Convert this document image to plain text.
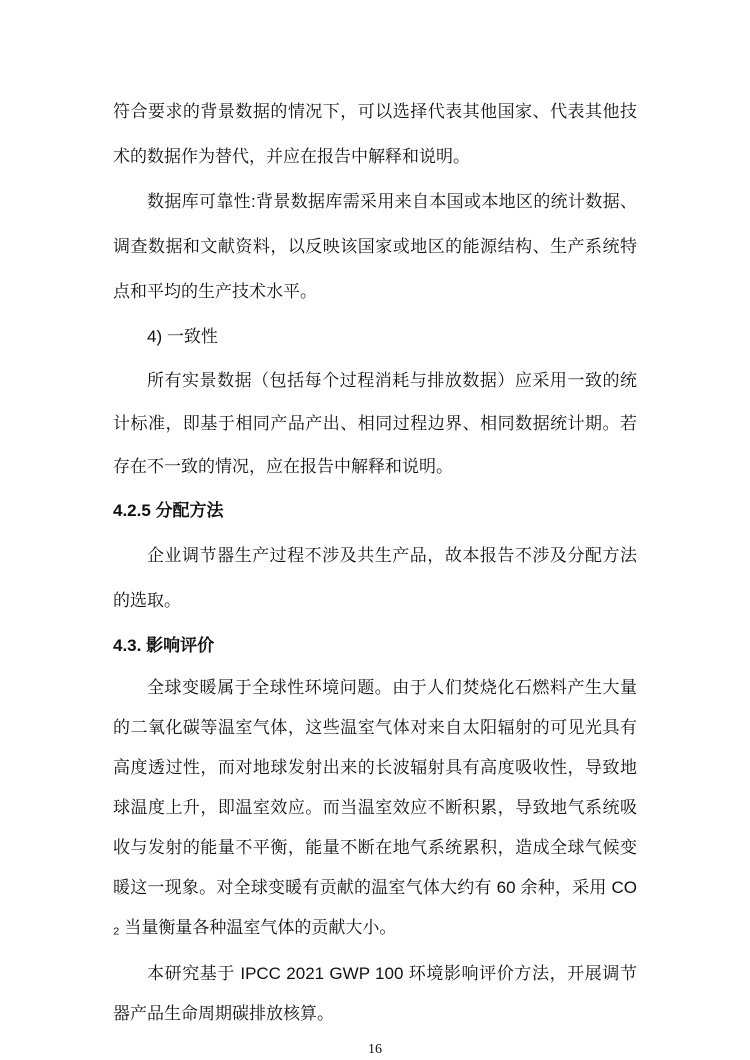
符合要求的背景数据的情况下，可以选择代表其他国家、代表其他技术的数据作为替代，并应在报告中解释和说明。

数据库可靠性:背景数据库需采用来自本国或本地区的统计数据、调查数据和文献资料，以反映该国家或地区的能源结构、生产系统特点和平均的生产技术水平。

4) 一致性

所有实景数据（包括每个过程消耗与排放数据）应采用一致的统计标准，即基于相同产品产出、相同过程边界、相同数据统计期。若存在不一致的情况，应在报告中解释和说明。

4.2.5 分配方法

企业调节器生产过程不涉及共生产品，故本报告不涉及分配方法的选取。

4.3. 影响评价

全球变暖属于全球性环境问题。由于人们焚烧化石燃料产生大量的二氧化碳等温室气体，这些温室气体对来自太阳辐射的可见光具有高度透过性，而对地球发射出来的长波辐射具有高度吸收性，导致地球温度上升，即温室效应。而当温室效应不断积累，导致地气系统吸收与发射的能量不平衡，能量不断在地气系统累积，造成全球气候变暖这一现象。对全球变暖有贡献的温室气体大约有 60 余种，采用 CO₂ 当量衡量各种温室气体的贡献大小。

本研究基于 IPCC 2021 GWP 100 环境影响评价方法，开展调节器产品生命周期碳排放核算。

16
